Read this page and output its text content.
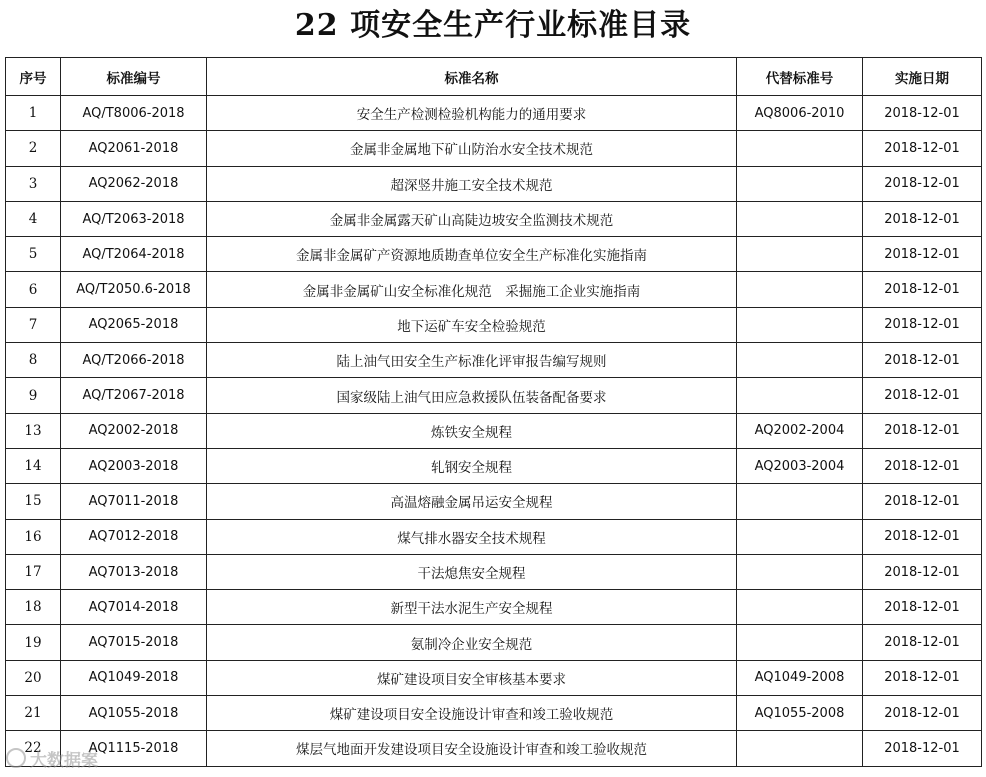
22 项安全生产行业标准目录
序号	标准编号	标准名称	代替标准号	实施日期
1	AQ/T8006-2018	安全生产检测检验机构能力的通用要求	AQ8006-2010	2018-12-01
2	AQ2061-2018	金属非金属地下矿山防治水安全技术规范		2018-12-01
3	AQ2062-2018	超深竖井施工安全技术规范		2018-12-01
4	AQ/T2063-2018	金属非金属露天矿山高陡边坡安全监测技术规范		2018-12-01
5	AQ/T2064-2018	金属非金属矿产资源地质勘查单位安全生产标准化实施指南		2018-12-01
6	AQ/T2050.6-2018	金属非金属矿山安全标准化规范　采掘施工企业实施指南		2018-12-01
7	AQ2065-2018	地下运矿车安全检验规范		2018-12-01
8	AQ/T2066-2018	陆上油气田安全生产标准化评审报告编写规则		2018-12-01
9	AQ/T2067-2018	国家级陆上油气田应急救援队伍装备配备要求		2018-12-01
13	AQ2002-2018	炼铁安全规程	AQ2002-2004	2018-12-01
14	AQ2003-2018	轧钢安全规程	AQ2003-2004	2018-12-01
15	AQ7011-2018	高温熔融金属吊运安全规程		2018-12-01
16	AQ7012-2018	煤气排水器安全技术规程		2018-12-01
17	AQ7013-2018	干法熄焦安全规程		2018-12-01
18	AQ7014-2018	新型干法水泥生产安全规程		2018-12-01
19	AQ7015-2018	氨制冷企业安全规范		2018-12-01
20	AQ1049-2018	煤矿建设项目安全审核基本要求	AQ1049-2008	2018-12-01
21	AQ1055-2018	煤矿建设项目安全设施设计审查和竣工验收规范	AQ1055-2008	2018-12-01
22	AQ1115-2018	煤层气地面开发建设项目安全设施设计审查和竣工验收规范		2018-12-01
大数据案
